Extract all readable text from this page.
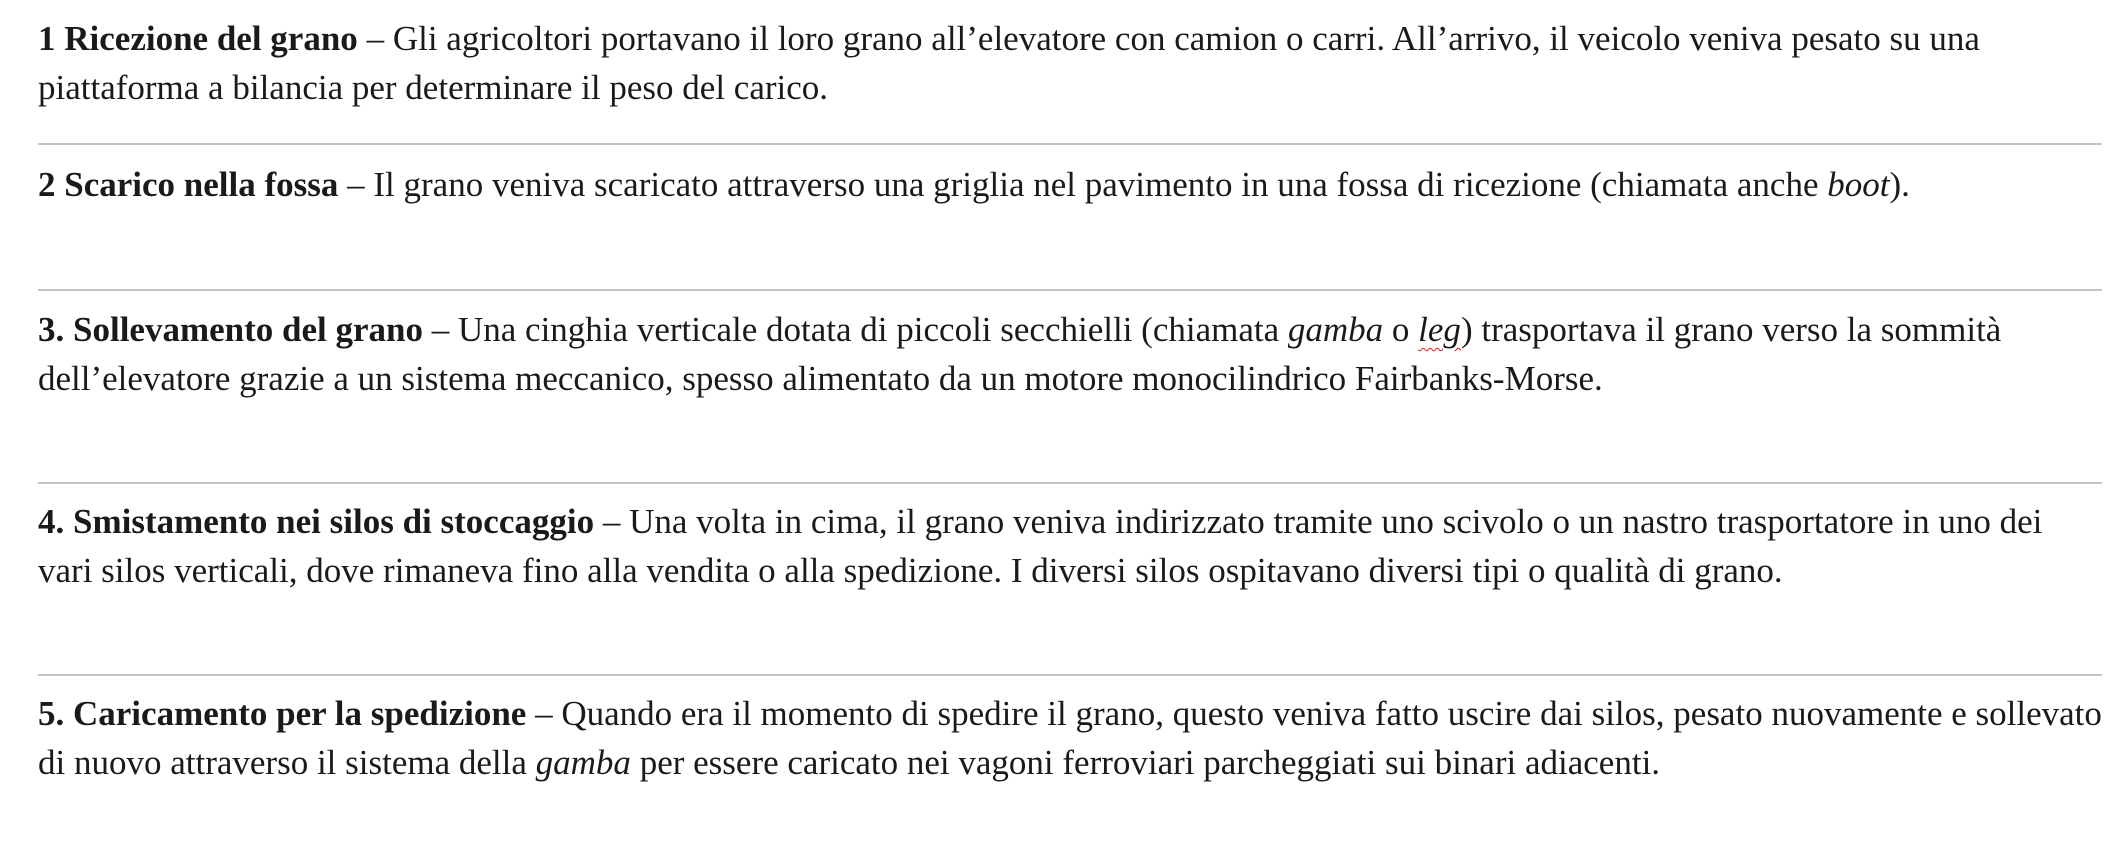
1 Ricezione del grano – Gli agricoltori portavano il loro grano all’elevatore con camion o carri. All’arrivo, il veicolo veniva pesato su una piattaforma a bilancia per determinare il peso del carico.

2 Scarico nella fossa – Il grano veniva scaricato attraverso una griglia nel pavimento in una fossa di ricezione (chiamata anche boot).

3. Sollevamento del grano – Una cinghia verticale dotata di piccoli secchielli (chiamata gamba o leg) trasportava il grano verso la sommità dell’elevatore grazie a un sistema meccanico, spesso alimentato da un motore monocilindrico Fairbanks-Morse.

4. Smistamento nei silos di stoccaggio – Una volta in cima, il grano veniva indirizzato tramite uno scivolo o un nastro trasportatore in uno dei vari silos verticali, dove rimaneva fino alla vendita o alla spedizione. I diversi silos ospitavano diversi tipi o qualità di grano.

5. Caricamento per la spedizione – Quando era il momento di spedire il grano, questo veniva fatto uscire dai silos, pesato nuovamente e sollevato di nuovo attraverso il sistema della gamba per essere caricato nei vagoni ferroviari parcheggiati sui binari adiacenti.
